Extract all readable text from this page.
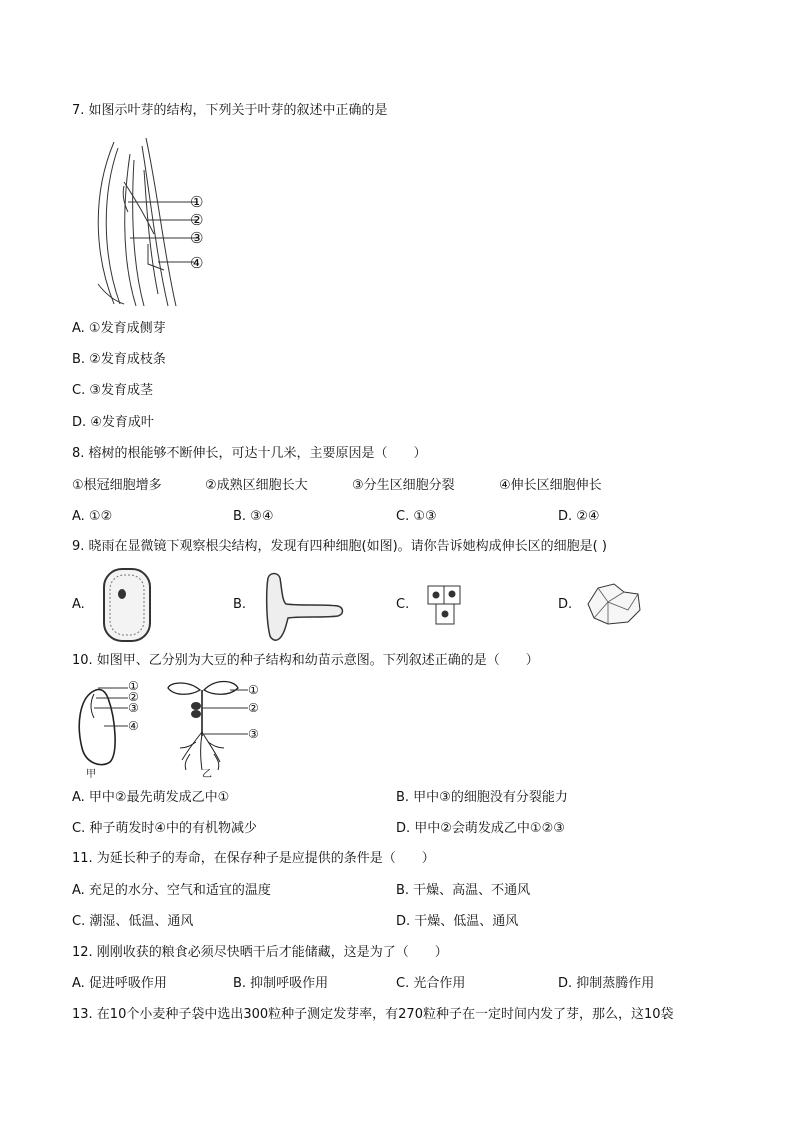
7. 如图示叶芽的结构，下列关于叶芽的叙述中正确的是
①
②
③
④
A. ①发育成侧芽
B. ②发育成枝条
C. ③发育成茎
D. ④发育成叶
8. 榕树的根能够不断伸长，可达十几米，主要原因是（　　）
①根冠细胞增多	②成熟区细胞长大	③分生区细胞分裂	④伸长区细胞伸长
A. ①②	B. ③④	C. ①③	D. ②④
9. 晓雨在显微镜下观察根尖结构，发现有四种细胞(如图)。请你告诉她构成伸长区的细胞是( )
A.	B.	C.	D.
10. 如图甲、乙分别为大豆的种子结构和幼苗示意图。下列叙述正确的是（　　）
①
②
③
④
甲
①
②
③
乙
A. 甲中②最先萌发成乙中①	B. 甲中③的细胞没有分裂能力
C. 种子萌发时④中的有机物减少	D. 甲中②会萌发成乙中①②③
11. 为延长种子的寿命，在保存种子是应提供的条件是（　　）
A. 充足的水分、空气和适宜的温度	B. 干燥、高温、不通风
C. 潮湿、低温、通风	D. 干燥、低温、通风
12. 刚刚收获的粮食必须尽快晒干后才能储藏，这是为了（　　）
A. 促进呼吸作用	B. 抑制呼吸作用	C. 光合作用	D. 抑制蒸腾作用
13. 在10个小麦种子袋中选出300粒种子测定发芽率，有270粒种子在一定时间内发了芽，那么，这10袋
